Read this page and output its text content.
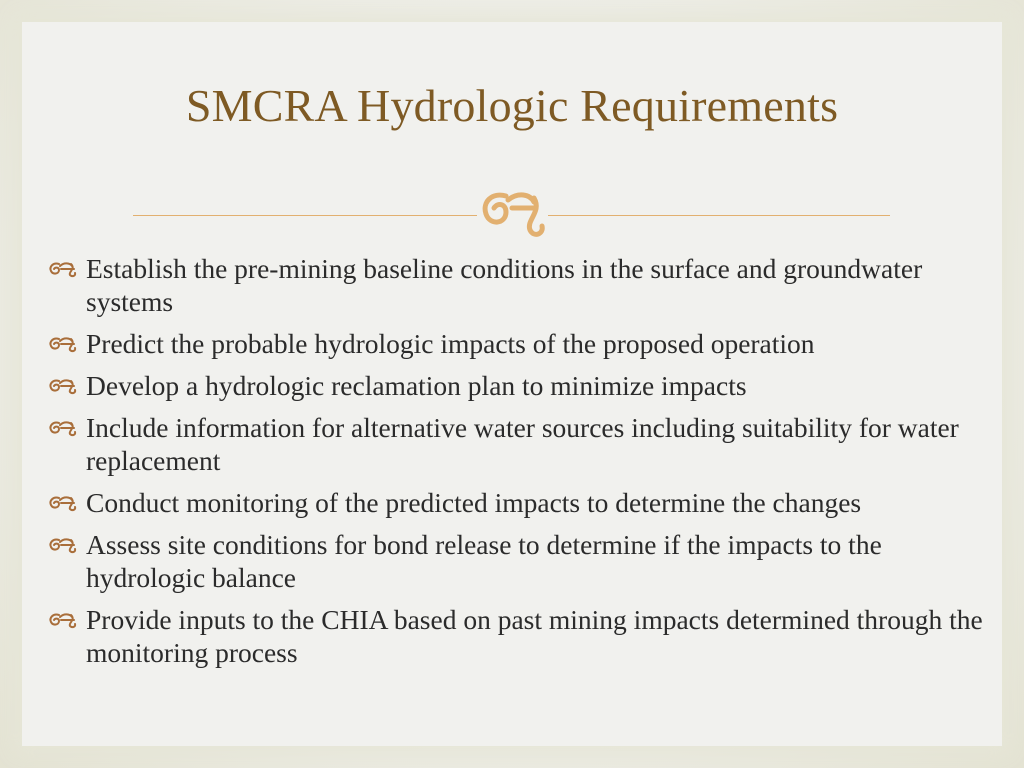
SMCRA Hydrologic Requirements
Establish the pre-mining baseline conditions in the surface and groundwater systems
Predict the probable hydrologic impacts of the proposed operation
Develop a hydrologic reclamation plan to minimize impacts
Include information for alternative water sources including suitability for water replacement
Conduct monitoring of the predicted impacts to determine the changes
Assess site conditions for bond release to determine if the impacts to the hydrologic balance
Provide inputs to the CHIA based on past mining impacts determined through the monitoring process
